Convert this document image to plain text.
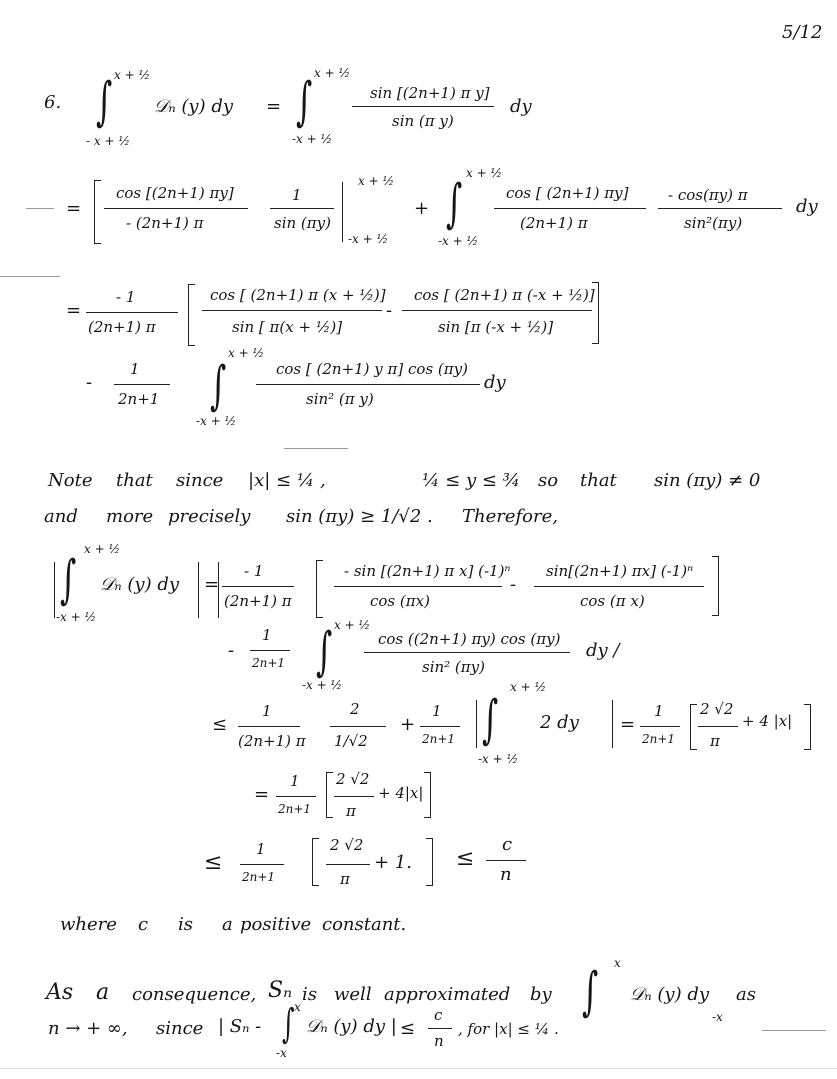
5/12
6. ∫ x + ½
- x + ½
𝒟ₙ (y) dy = ∫ x + ½
-x + ½
sin [(2n+1) π y]
sin (π y)
dy
=
cos [(2n+1) πy]
- (2n+1) π
1
sin (πy)
x + ½
-x + ½
+ ∫
x + ½
-x + ½
cos [ (2n+1) πy]
(2n+1) π
- cos(πy) π
sin²(πy)
dy
=
- 1
(2n+1) π
cos [ (2n+1) π (x + ½)]
sin [ π(x + ½)]
-
cos [ (2n+1) π (-x + ½)]
sin [π (-x + ½)]
-
1
2n+1 ∫
x + ½
-x + ½
cos [ (2n+1) y π] cos (πy)
sin² (π y)
dy
Note that since |x| ≤ ¼ ,	¼ ≤ y ≤ ¾ so that sin (πy) ≠ 0
and more precisely sin (πy) ≥ 1/√2 . Therefore,
∫
x + ½
-x + ½
𝒟ₙ (y) dy =
- 1
(2n+1) π
- sin [(2n+1) π x] (-1)ⁿ
cos (πx)
-
sin[(2n+1) πx] (-1)ⁿ
cos (π x)
-
1
2n+1 ∫ x + ½
-x + ½
cos ((2n+1) πy) cos (πy)
sin² (πy)
dy /
≤
1
(2n+1) π
2
1/√2
+
1
2n+1 ∫
x + ½
-x + ½
2 dy =
1
2n+1
2 √2
π
+ 4 |x|
=
1
2n+1
2 √2
π
+ 4|x|
≤
1
2n+1
2 √2
π
+ 1. ≤
c
n
where c is a positive constant.
As a consequence, Sₙ is well approximated by ∫ x
-x
𝒟ₙ (y) dy as
n → + ∞, since | Sₙ - ∫ x
-x
𝒟ₙ (y) dy | ≤
c
n
, for |x| ≤ ¼ .
